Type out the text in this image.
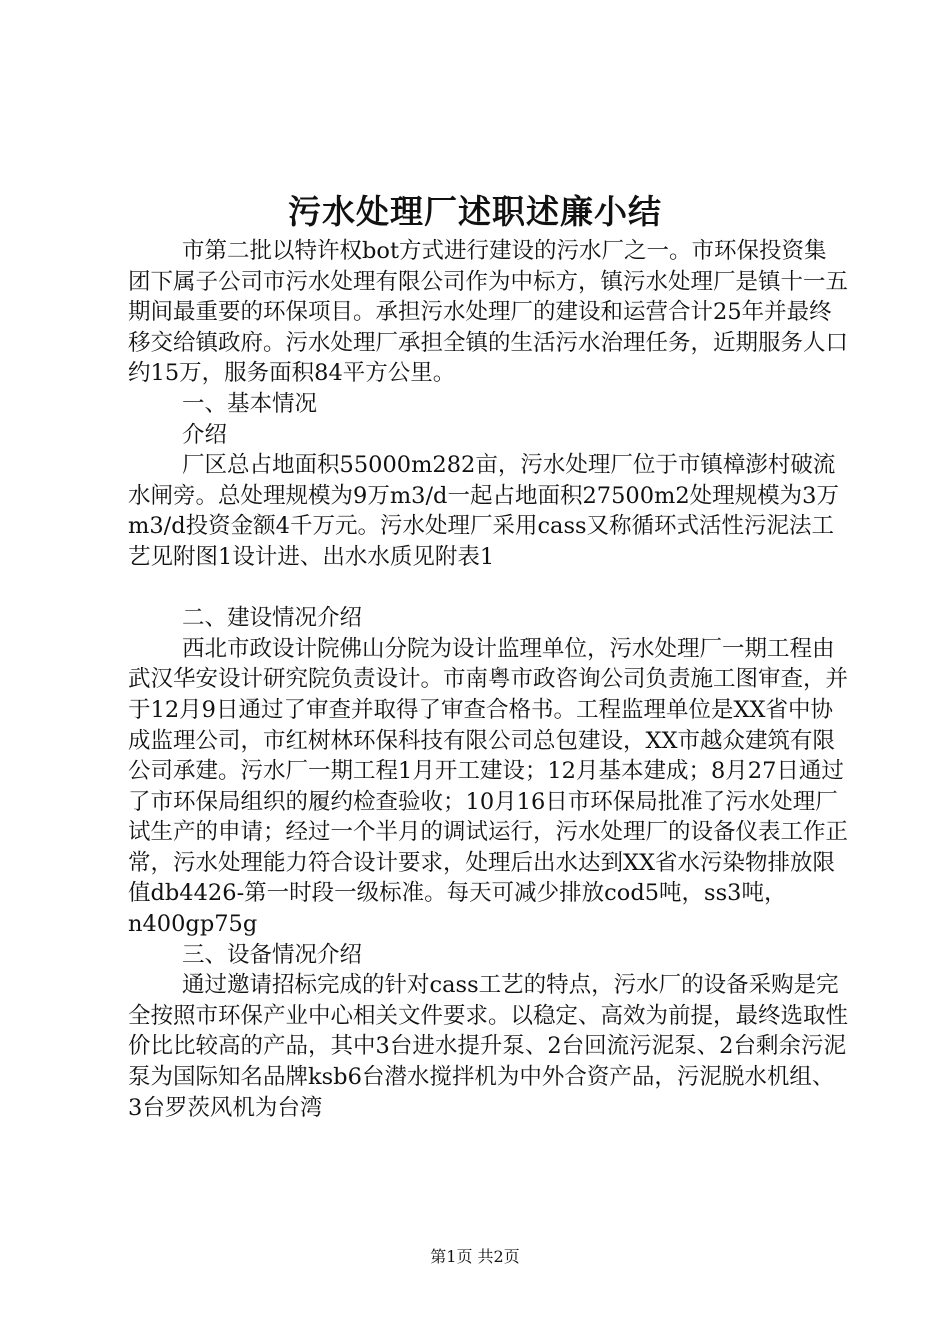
污水处理厂述职述廉小结

市第二批以特许权bot方式进行建设的污水厂之一。市环保投资集团下属子公司市污水处理有限公司作为中标方，镇污水处理厂是镇十一五期间最重要的环保项目。承担污水处理厂的建设和运营合计25年并最终移交给镇政府。污水处理厂承担全镇的生活污水治理任务，近期服务人口约15万，服务面积84平方公里。

一、基本情况

介绍

厂区总占地面积55000m282亩，污水处理厂位于市镇樟澎村破流水闸旁。总处理规模为9万m3/d一起占地面积27500m2处理规模为3万m3/d投资金额4千万元。污水处理厂采用cass又称循环式活性污泥法工艺见附图1设计进、出水水质见附表1

二、建设情况介绍

西北市政设计院佛山分院为设计监理单位，污水处理厂一期工程由武汉华安设计研究院负责设计。市南粤市政咨询公司负责施工图审查，并于12月9日通过了审查并取得了审查合格书。工程监理单位是XX省中协成监理公司，市红树林环保科技有限公司总包建设，XX市越众建筑有限公司承建。污水厂一期工程1月开工建设；12月基本建成；8月27日通过了市环保局组织的履约检查验收；10月16日市环保局批准了污水处理厂试生产的申请；经过一个半月的调试运行，污水处理厂的设备仪表工作正常，污水处理能力符合设计要求，处理后出水达到XX省水污染物排放限值db4426-第一时段一级标准。每天可减少排放cod5吨，ss3吨，n400gp75g

三、设备情况介绍

通过邀请招标完成的针对cass工艺的特点，污水厂的设备采购是完全按照市环保产业中心相关文件要求。以稳定、高效为前提，最终选取性价比比较高的产品，其中3台进水提升泵、2台回流污泥泵、2台剩余污泥泵为国际知名品牌ksb6台潜水搅拌机为中外合资产品，污泥脱水机组、3台罗茨风机为台湾

第1页 共2页
